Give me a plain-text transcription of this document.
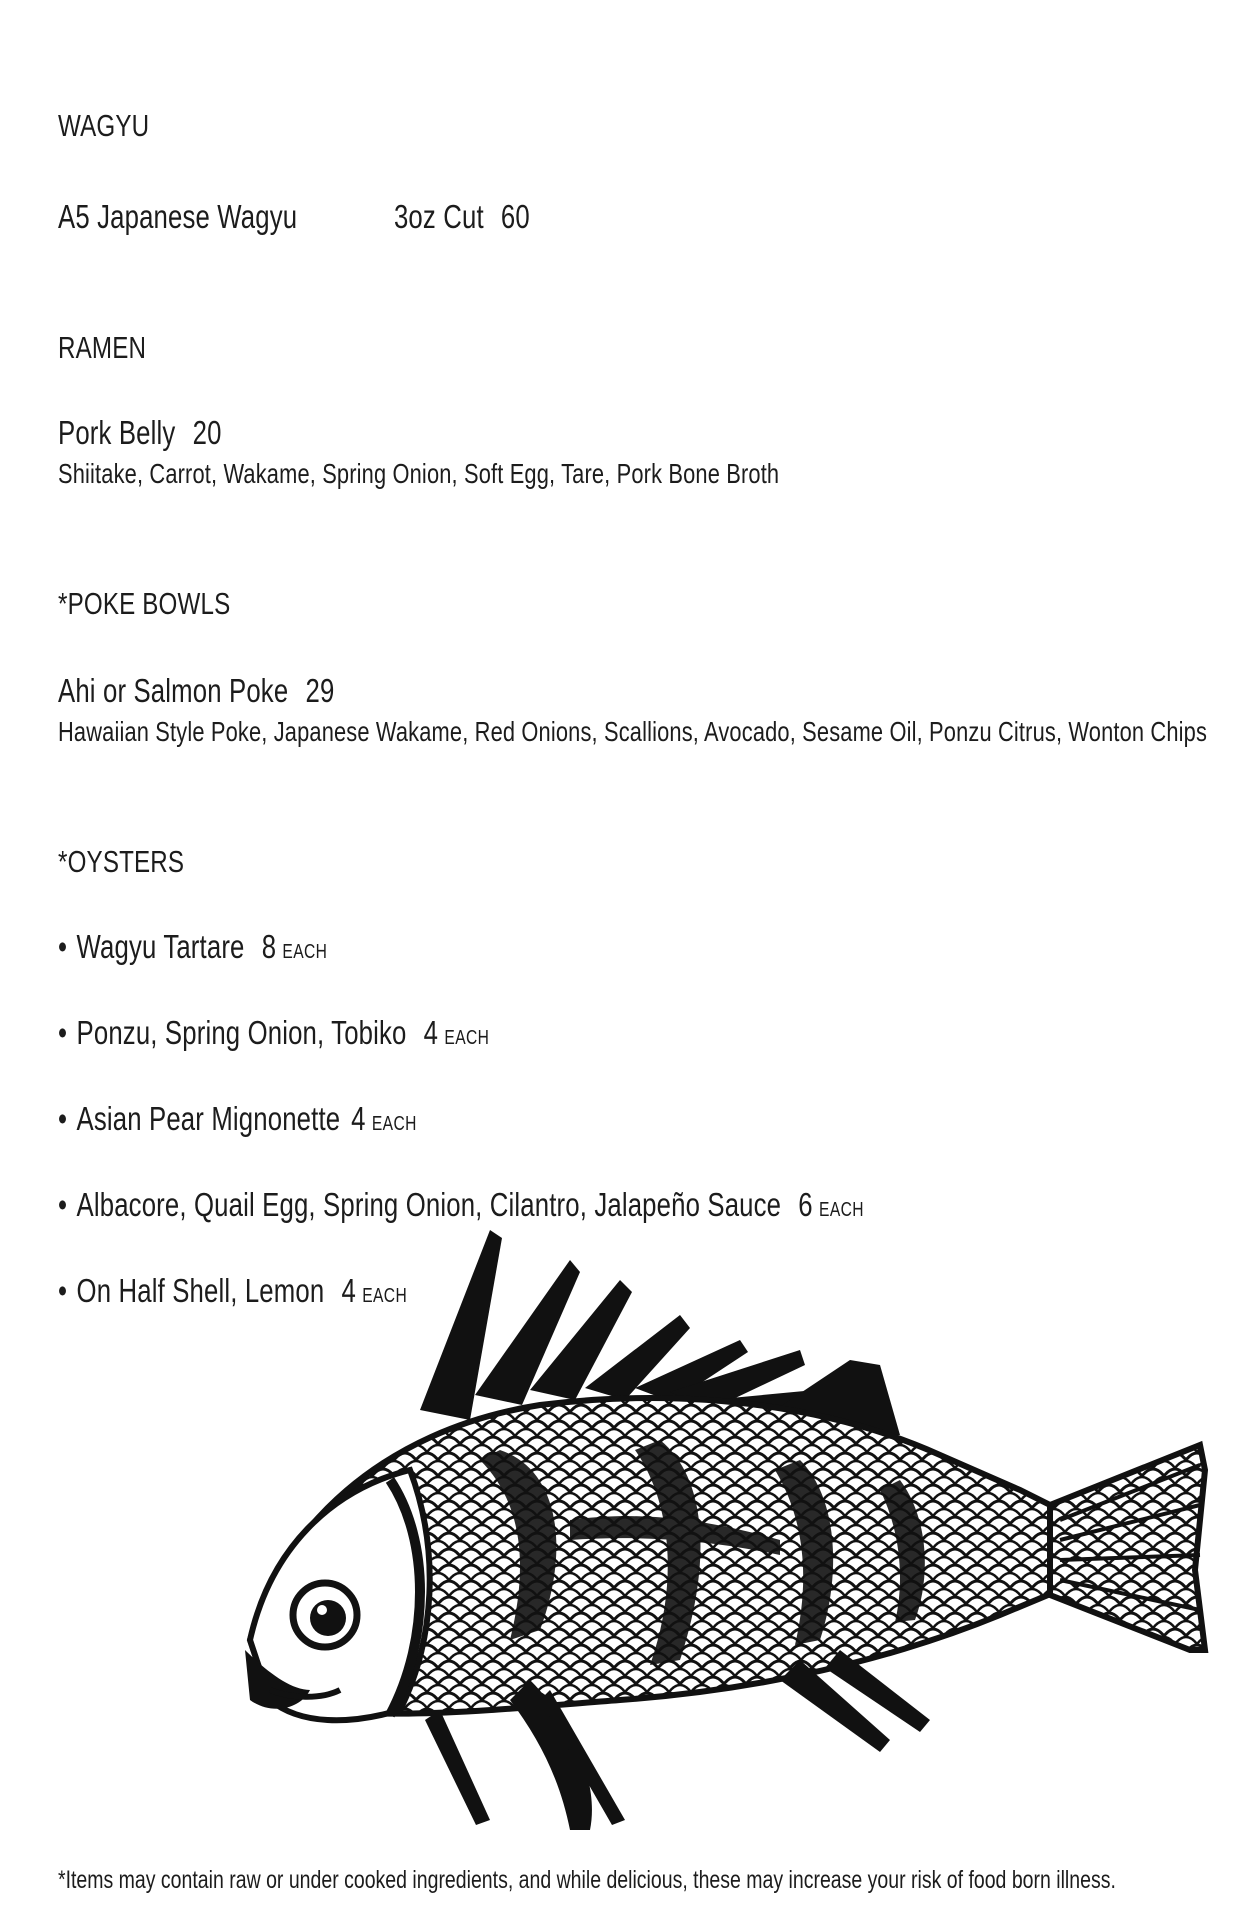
WAGYU
A5 Japanese Wagyu	3oz Cut 60
RAMEN
Pork Belly 20
Shiitake, Carrot, Wakame, Spring Onion, Soft Egg, Tare, Pork Bone Broth
*POKE BOWLS
Ahi or Salmon Poke 29
Hawaiian Style Poke, Japanese Wakame, Red Onions, Scallions, Avocado, Sesame Oil, Ponzu Citrus, Wonton Chips
*OYSTERS
• Wagyu Tartare 8 EACH
• Ponzu, Spring Onion, Tobiko 4 EACH
• Asian Pear Mignonette 4 EACH
• Albacore, Quail Egg, Spring Onion, Cilantro, Jalapeño Sauce 6 EACH
• On Half Shell, Lemon 4 EACH
*Items may contain raw or under cooked ingredients, and while delicious, these may increase your risk of food born illness.
